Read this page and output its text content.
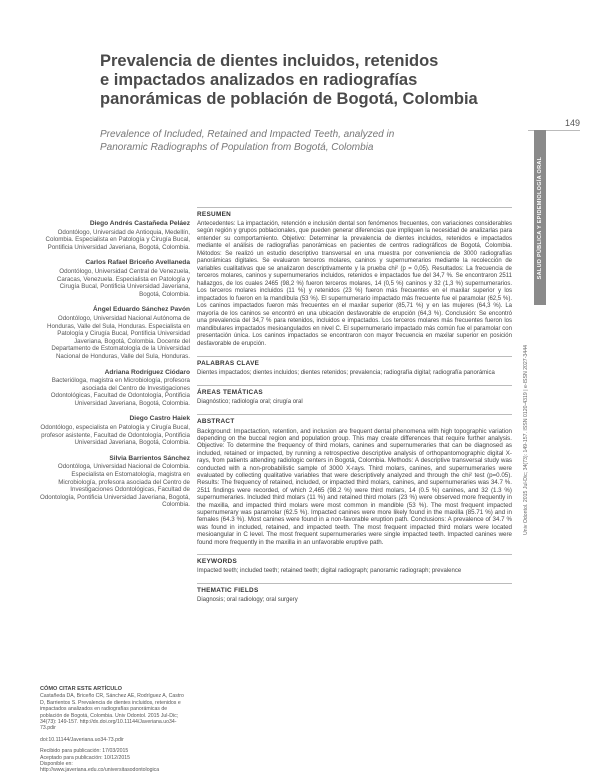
Prevalencia de dientes incluidos, retenidos
e impactados analizados en radiografías
panorámicas de población de Bogotá, Colombia
Prevalence of Included, Retained and Impacted Teeth, analyzed in
Panoramic Radiographs of Population from Bogotá, Colombia
149
SALUD PÚBLICA Y EPIDEMIOLOGÍA ORAL
Univ Odontol. 2015 Jul-Dic; 34(73): 149-157. ISSN 0120-4319 | e-ISSN 2027-3444
Diego Andrés Castañeda Peláez
Odontólogo, Universidad de Antioquia, Medellín, Colombia. Especialista en Patología y Cirugía Bucal, Pontificia Universidad Javeriana, Bogotá, Colombia.
Carlos Rafael Briceño Avellaneda
Odontólogo, Universidad Central de Venezuela, Caracas, Venezuela. Especialista en Patología y Cirugía Bucal, Pontificia Universidad Javeriana, Bogotá, Colombia.
Ángel Eduardo Sánchez Pavón
Odontólogo, Universidad Nacional Autónoma de Honduras, Valle del Sula, Honduras. Especialista en Patología y Cirugía Bucal, Pontificia Universidad Javeriana, Bogotá, Colombia. Docente del Departamento de Estomatología de la Universidad Nacional de Honduras, Valle del Sula, Honduras.
Adriana Rodríguez Ciódaro
Bacterióloga, magistra en Microbiología, profesora asociada del Centro de Investigaciones Odontológicas, Facultad de Odontología, Pontificia Universidad Javeriana, Bogotá, Colombia.
Diego Castro Haiek
Odontólogo, especialista en Patología y Cirugía Bucal, profesor asistente, Facultad de Odontología, Pontificia Universidad Javeriana, Bogotá, Colombia.
Silvia Barrientos Sánchez
Odontóloga, Universidad Nacional de Colombia. Especialista en Estomatología, magistra en Microbiología, profesora asociada del Centro de Investigaciones Odontológicas, Facultad de Odontología, Pontificia Universidad Javeriana, Bogotá, Colombia.
CÓMO CITAR ESTE ARTÍCULO
Castañeda DA, Briceño CR, Sánchez AE, Rodríguez A, Castro D, Barrientos S. Prevalencia de dientes incluidos, retenidos e impactados analizados en radiografías panorámicas de población de Bogotá, Colombia. Univ Odontol. 2015 Jul-Dic; 34(73): 149-157. http://dx.doi.org/10.11144/Javeriana.uo34-73.pdir
doi:10.11144/Javeriana.uo34-73.pdir
Recibido para publicación: 17/03/2015
Aceptado para publicación: 10/12/2015
Disponible en: http://www.javeriana.edu.co/universitasodontologica
RESUMEN

Antecedentes: La impactación, retención e inclusión dental son fenómenos frecuentes, con variaciones considerables según región y grupos poblacionales, que pueden generar diferencias que impliquen la necesidad de analizarlas para entender su comportamiento. Objetivo: Determinar la prevalencia de dientes incluidos, retenidos e impactados mediante el análisis de radiografías panorámicas en pacientes de centros radiográficos de Bogotá, Colombia. Métodos: Se realizó un estudio descriptivo transversal en una muestra por conveniencia de 3000 radiografías panorámicas digitales. Se evaluaron terceros molares, caninos y supernumerarios mediante la recolección de variables cualitativas que se analizaron descriptivamente y la prueba chi² (p = 0,05). Resultados: La frecuencia de terceros molares, caninos y supernumerarios incluidos, retenidos e impactados fue del 34,7 %. Se encontraron 2511 hallazgos, de los cuales 2465 (98,2 %) fueron terceros molares, 14 (0,5 %) caninos y 32 (1,3 %) supernumerarios. Los terceros molares incluidos (11 %) y retenidos (23 %) fueron más frecuentes en el maxilar superior y los impactados lo fueron en la mandíbula (53 %). El supernumerario impactado más frecuente fue el paramolar (62,5 %). Los caninos impactados fueron más frecuentes en el maxilar superior (85,71 %) y en las mujeres (64,3 %). La mayoría de los caninos se encontró en una ubicación desfavorable de erupción (64,3 %). Conclusión: Se encontró una prevalencia del 34,7 % para retenidos, incluidos e impactados. Los terceros molares más frecuentes fueron los mandibulares impactados mesioangulados en nivel C. El supernumerario impactado más común fue el paramolar con presentación única. Los caninos impactados se encontraron con mayor frecuencia en maxilar superior en posición desfavorable de erupción.

PALABRAS CLAVE

Dientes impactados; dientes incluidos; dientes retenidos; prevalencia; radiografía digital; radiografía panorámica

ÁREAS TEMÁTICAS

Diagnóstico; radiología oral; cirugía oral

ABSTRACT

Background: Impactaction, retention, and inclusion are frequent dental phenomena with high topographic variation depending on the buccal region and population group. This may create differences that require further analysis. Objective: To determine the frequency of third molars, canines and supernumeraries that can be diagnosed as included, retained or impacted, by running a retrospective descriptive analysis of orthopantomographic digital X-rays, from patients attending radiologic centers in Bogotá, Colombia. Methods: A descriptive transversal study was conducted with a non-probabilistic sample of 3000 X-rays. Third molars, canines, and supernumeraries were evaluated by collecting qualitative variables that were descriptively analyzed and through the chi² test (p=0.05). Results: The frequency of retained, included, or impacted third molars, canines, and supernumeraries was 34.7 %. 2511 findings were recorded, of which 2,465 (98.2 %) were third molars, 14 (0.5 %) canines, and 32 (1.3 %) supernumeraries. Included third molars (11 %) and retained third molars (23 %) were observed more frequently in the maxilla, and impacted third molars were most common in mandible (53 %). The most frequent impacted supernumerary was paramolar (62.5 %). Impacted canines were more likely found in the maxilla (85.71 %) and in females (64.3 %). Most canines were found in a non-favorable eruption path. Conclusions: A prevalence of 34.7 % was found in included, retained, and impacted teeth. The most frequent impacted third molars were located mesioangular in C level. The most frequent supernumeraries were single impacted teeth. Impacted canines were found more frequently in the maxilla in an unfavorable eruptive path.

KEYWORDS

Impacted teeth; included teeth; retained teeth; digital radiograph; panoramic radiograph; prevalence

THEMATIC FIELDS

Diagnosis; oral radiology; oral surgery
